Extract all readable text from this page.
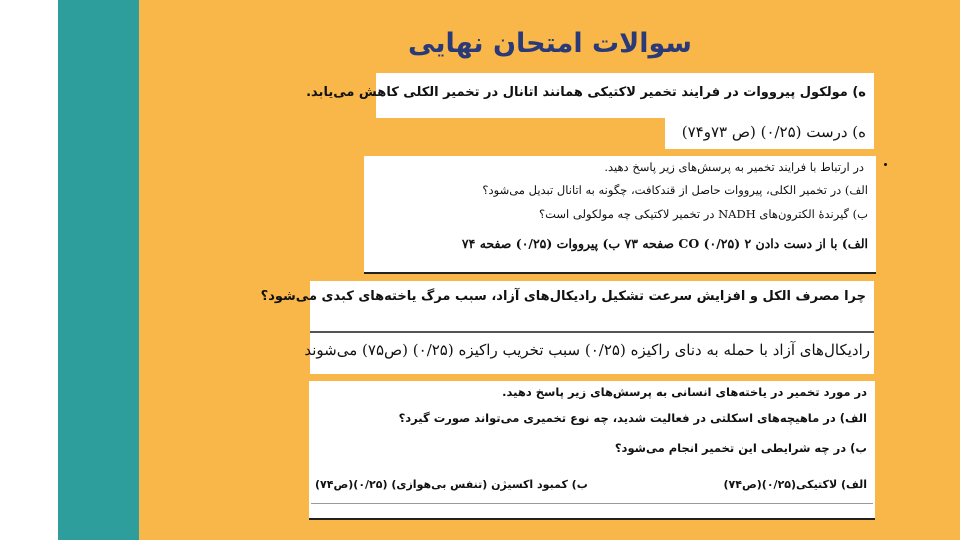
سوالات امتحان نهایی
ه) مولکول پیرووات در فرایند تخمیر لاکتیکی همانند اتانال در تخمیر الکلی کاهش می‌یابد.
ه) درست (۰/۲۵) (ص ۷۳و۷۴)
در ارتباط با فرایند تخمیر به پرسش‌های زیر پاسخ دهید.
الف) در تخمیر الکلی، پیرووات حاصل از قندکافت، چگونه به اتانال تبدیل می‌شود؟
ب) گیرندهٔ الکترون‌های NADH در تخمیر لاکتیکی چه مولکولی است؟
الف) با از دست دادن ۲ CO (۰/۲۵) صفحه ۷۳ ب) پیرووات (۰/۲۵) صفحه ۷۴
چرا مصرف الکل و افزایش سرعت تشکیل رادیکال‌های آزاد، سبب مرگ یاخته‌های کبدی می‌شود؟
رادیکال‌های آزاد با حمله به دنای راکیزه (۰/۲۵) سبب تخریب راکیزه (۰/۲۵) (ص۷۵) می‌شوند
در مورد تخمیر در یاخته‌های انسانی به پرسش‌های زیر پاسخ دهید.
الف) در ماهیچه‌های اسکلتی در فعالیت شدید، چه نوع تخمیری می‌تواند صورت گیرد؟
ب) در چه شرایطی این تخمیر انجام می‌شود؟
الف) لاکتیکی(۰/۲۵)(ص۷۴)
ب) کمبود اکسیژن (تنفس بی‌هوازی) (۰/۲۵)(ص۷۴)
